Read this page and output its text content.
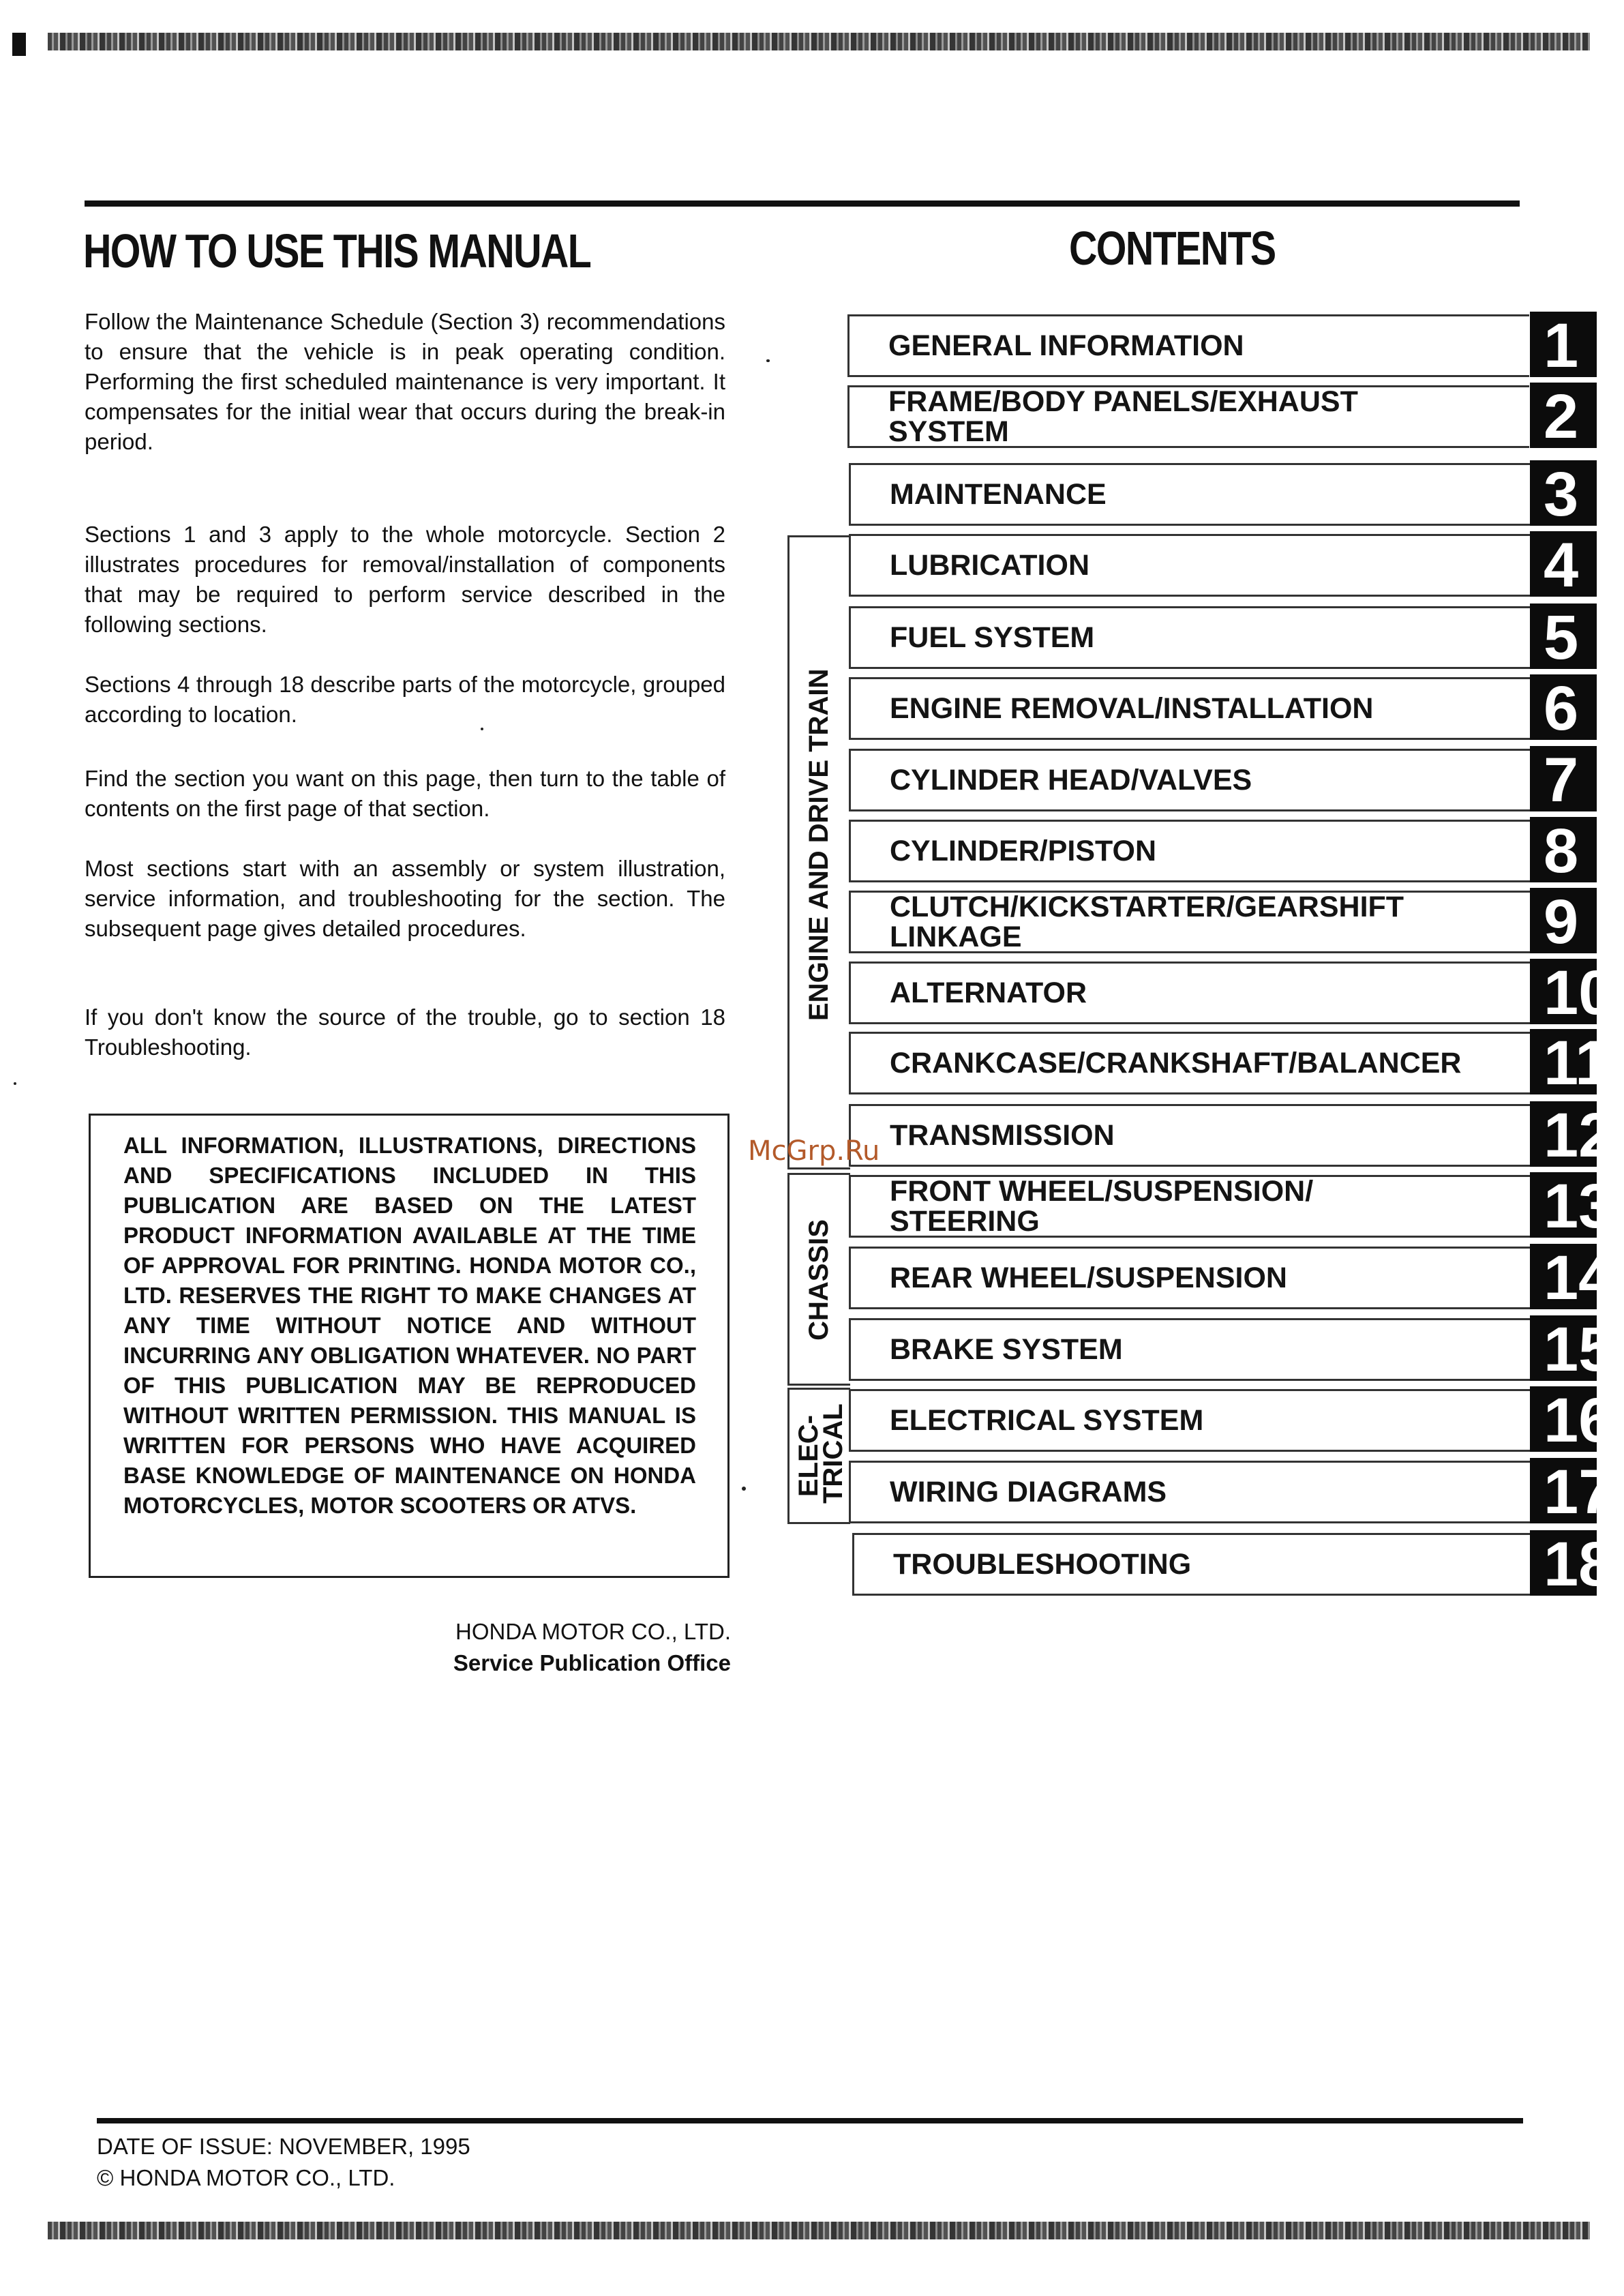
HOW TO USE THIS MANUAL

Follow the Maintenance Schedule (Section 3) recommendations to ensure that the vehicle is in peak operating condition. Performing the first scheduled maintenance is very important. It compensates for the initial wear that occurs during the break-in period.

Sections 1 and 3 apply to the whole motorcycle. Section 2 illustrates procedures for removal/installation of components that may be required to perform service described in the following sections.

Sections 4 through 18 describe parts of the motorcycle, grouped according to location.

Find the section you want on this page, then turn to the table of contents on the first page of that section.

Most sections start with an assembly or system illustration, service information, and troubleshooting for the section. The subsequent page gives detailed procedures.

If you don't know the source of the trouble, go to section 18 Troubleshooting.

ALL INFORMATION, ILLUSTRATIONS, DIRECTIONS AND SPECIFICATIONS INCLUDED IN THIS PUBLICATION ARE BASED ON THE LATEST PRODUCT INFORMATION AVAILABLE AT THE TIME OF APPROVAL FOR PRINTING. HONDA MOTOR CO., LTD. RESERVES THE RIGHT TO MAKE CHANGES AT ANY TIME WITHOUT NOTICE AND WITHOUT INCURRING ANY OBLIGATION WHATEVER. NO PART OF THIS PUBLICATION MAY BE REPRODUCED WITHOUT WRITTEN PERMISSION. THIS MANUAL IS WRITTEN FOR PERSONS WHO HAVE ACQUIRED BASE KNOWLEDGE OF MAINTENANCE ON HONDA MOTORCYCLES, MOTOR SCOOTERS OR ATVS.

HONDA MOTOR CO., LTD.
Service Publication Office
CONTENTS
ENGINE AND DRIVE TRAIN
CHASSIS
ELEC-
TRICAL
GENERAL INFORMATION	1
FRAME/BODY PANELS/EXHAUST SYSTEM	2
MAINTENANCE	3
LUBRICATION	4
FUEL SYSTEM	5
ENGINE REMOVAL/INSTALLATION	6
CYLINDER HEAD/VALVES	7
CYLINDER/PISTON	8
CLUTCH/KICKSTARTER/GEARSHIFT LINKAGE	9
ALTERNATOR	10
CRANKCASE/CRANKSHAFT/BALANCER	11
TRANSMISSION	12
FRONT WHEEL/SUSPENSION/ STEERING	13
REAR WHEEL/SUSPENSION	14
BRAKE SYSTEM	15
ELECTRICAL SYSTEM	16
WIRING DIAGRAMS	17
TROUBLESHOOTING	18
McGrp.Ru
DATE OF ISSUE: NOVEMBER, 1995
© HONDA MOTOR CO., LTD.
